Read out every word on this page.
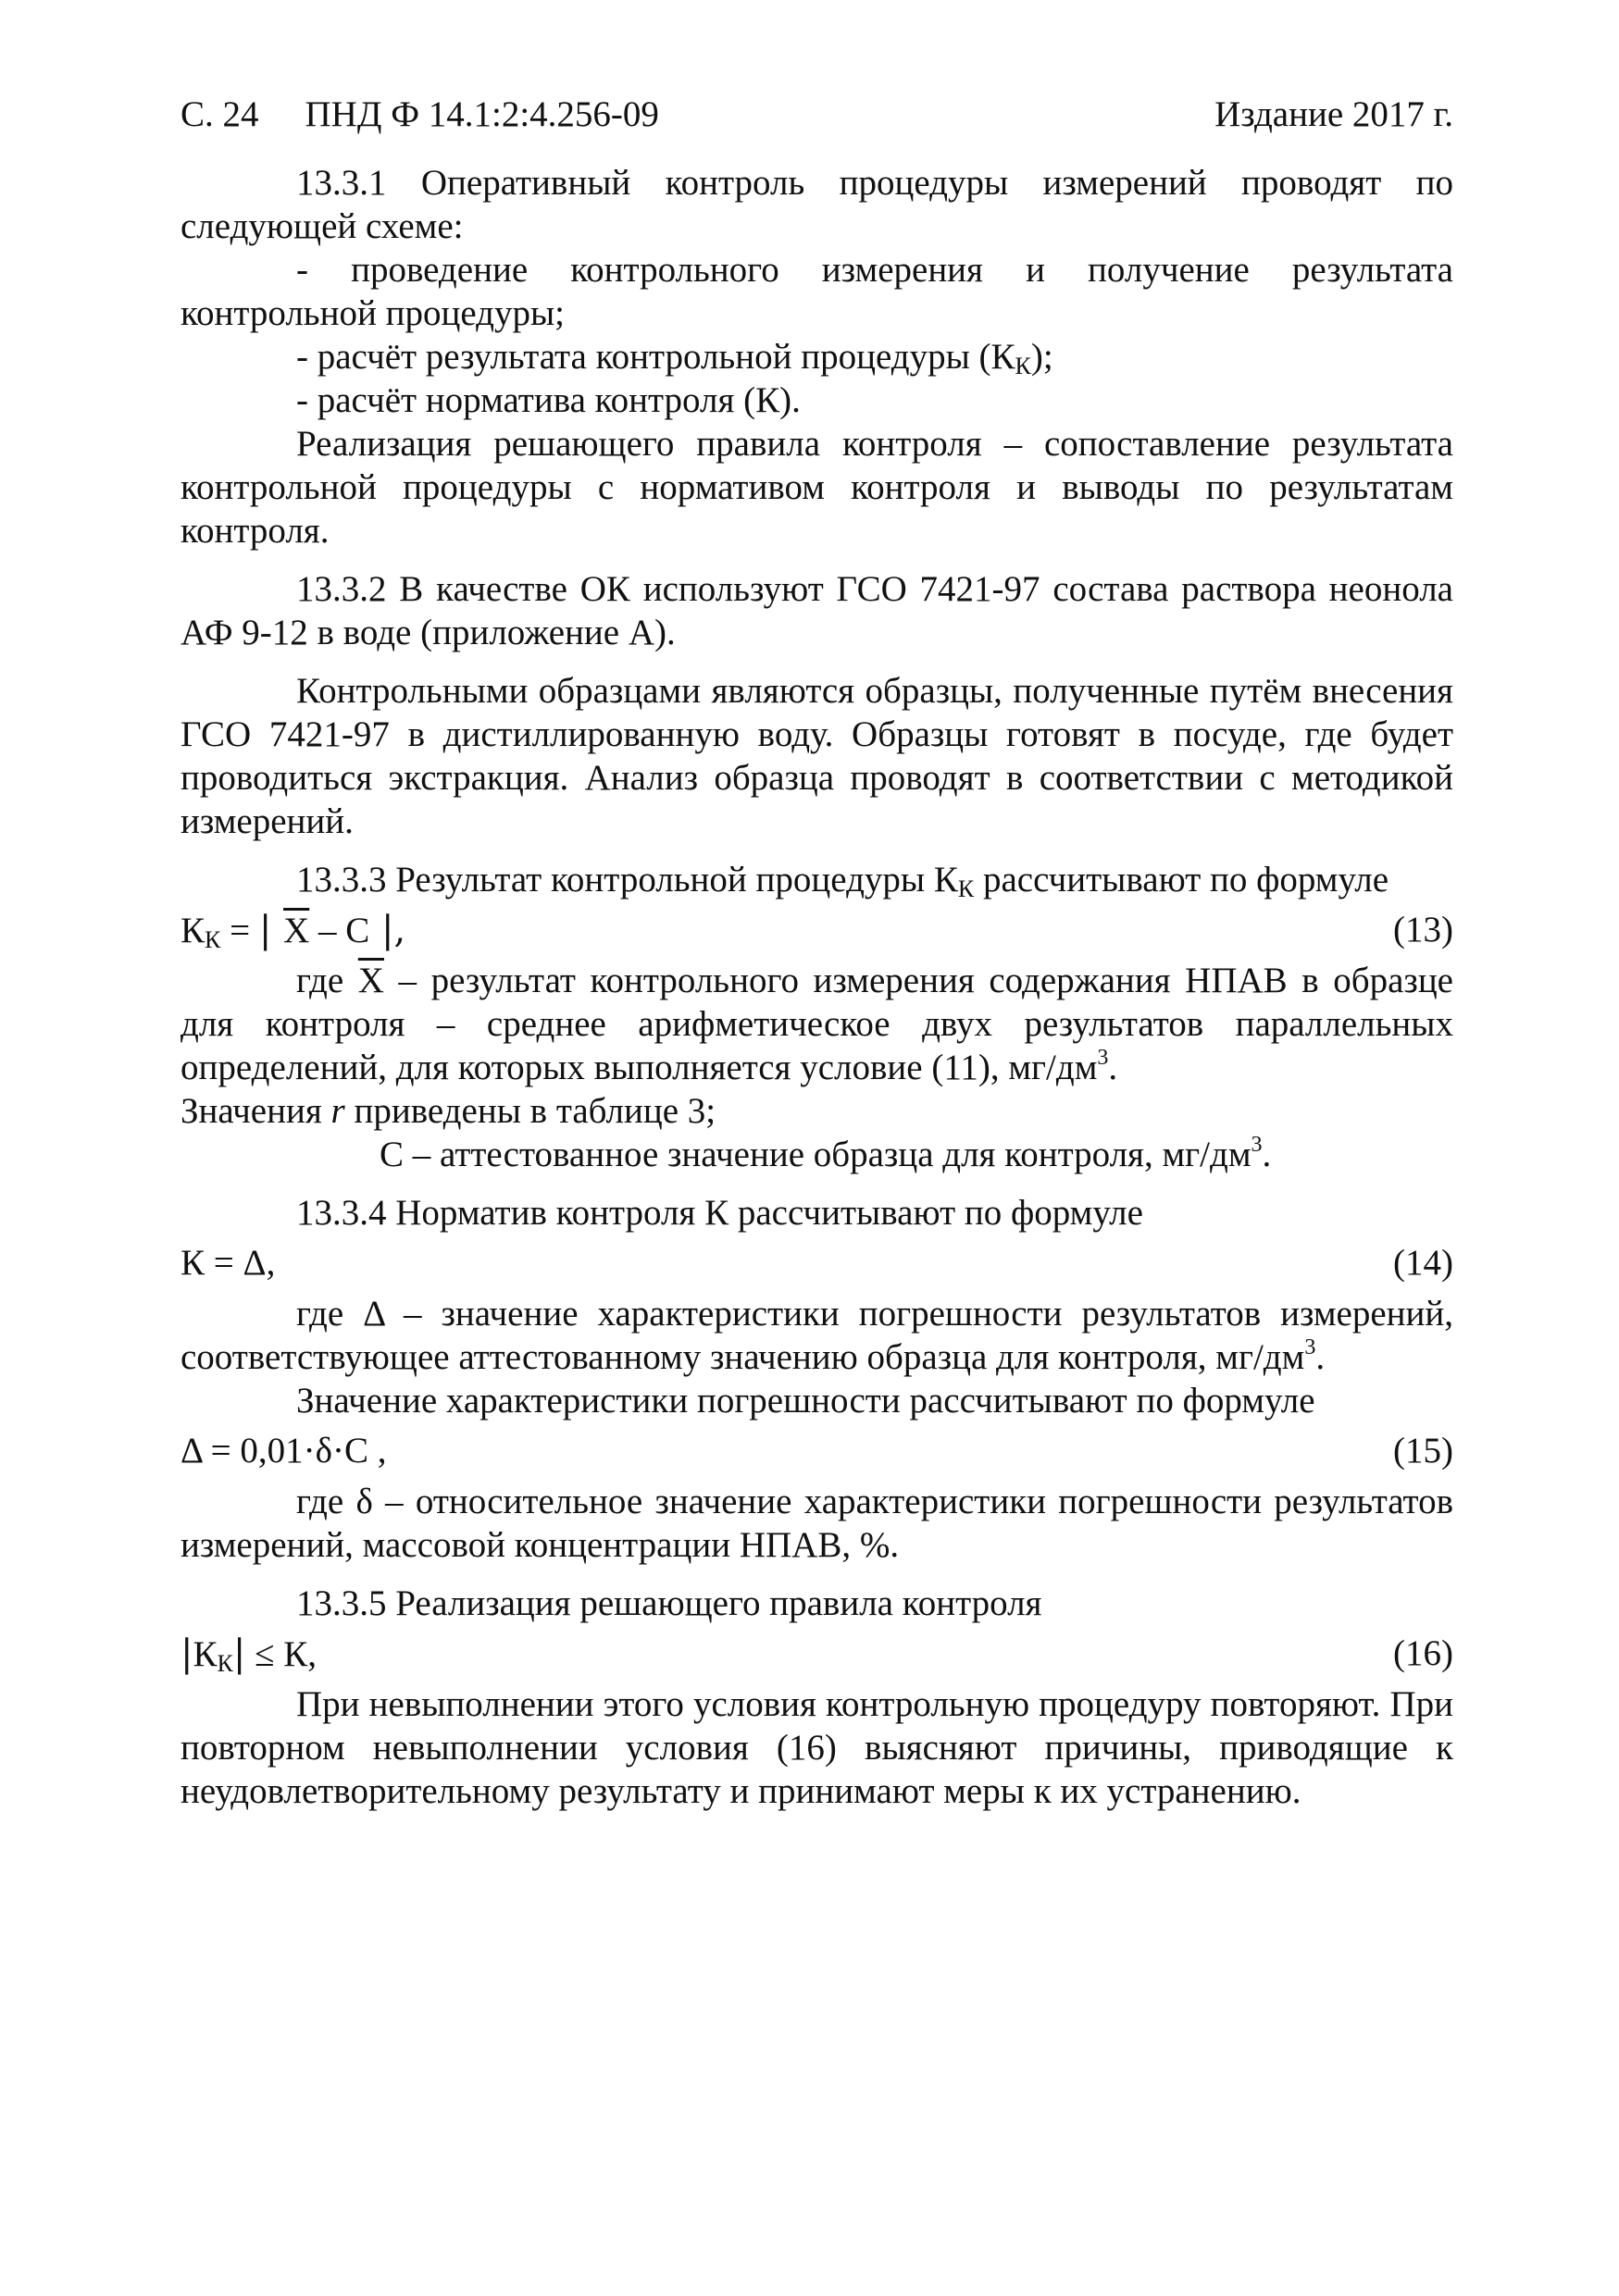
С. 24 ПНД Ф 14.1:2:4.256-09	Издание 2017 г.

13.3.1 Оперативный контроль процедуры измерений проводят по следующей схеме:

- проведение контрольного измерения и получение результата контрольной процедуры;

- расчёт результата контрольной процедуры $(К_К)$;

- расчёт норматива контроля (К).

Реализация решающего правила контроля – сопоставление результата контрольной процедуры с нормативом контроля и выводы по результатам контроля.

13.3.2 В качестве ОК используют ГСО 7421-97 состава раствора неонола АФ 9-12 в воде (приложение А).

Контрольными образцами являются образцы, полученные путём внесения ГСО 7421-97 в дистиллированную воду. Образцы готовят в посуде, где будет проводиться экстракция. Анализ образца проводят в соответствии с методикой измерений.

13.3.3 Результат контрольной процедуры $К_К$ рассчитывают по формуле

$К_К$ = | $\overline{X}$ – C |,	(13)

где $\overline{X}$ – результат контрольного измерения содержания НПАВ в образце для контроля – среднее арифметическое двух результатов параллельных определений, для которых выполняется условие (11), $мг/дм^3$.

Значения r приведены в таблице 3;

С – аттестованное значение образца для контроля, $мг/дм^3$.

13.3.4 Норматив контроля К рассчитывают по формуле

К = Δ,	(14)

где Δ – значение характеристики погрешности результатов измерений, соответствующее аттестованному значению образца для контроля, $мг/дм^3$.

Значение характеристики погрешности рассчитывают по формуле

Δ = 0,01·δ·C ,	(15)

где δ – относительное значение характеристики погрешности результатов измерений, массовой концентрации НПАВ, %.

13.3.5 Реализация решающего правила контроля

$|К_К| \le К$,	(16)

При невыполнении этого условия контрольную процедуру повторяют. При повторном невыполнении условия (16) выясняют причины, приводящие к неудовлетворительному результату и принимают меры к их устранению.
